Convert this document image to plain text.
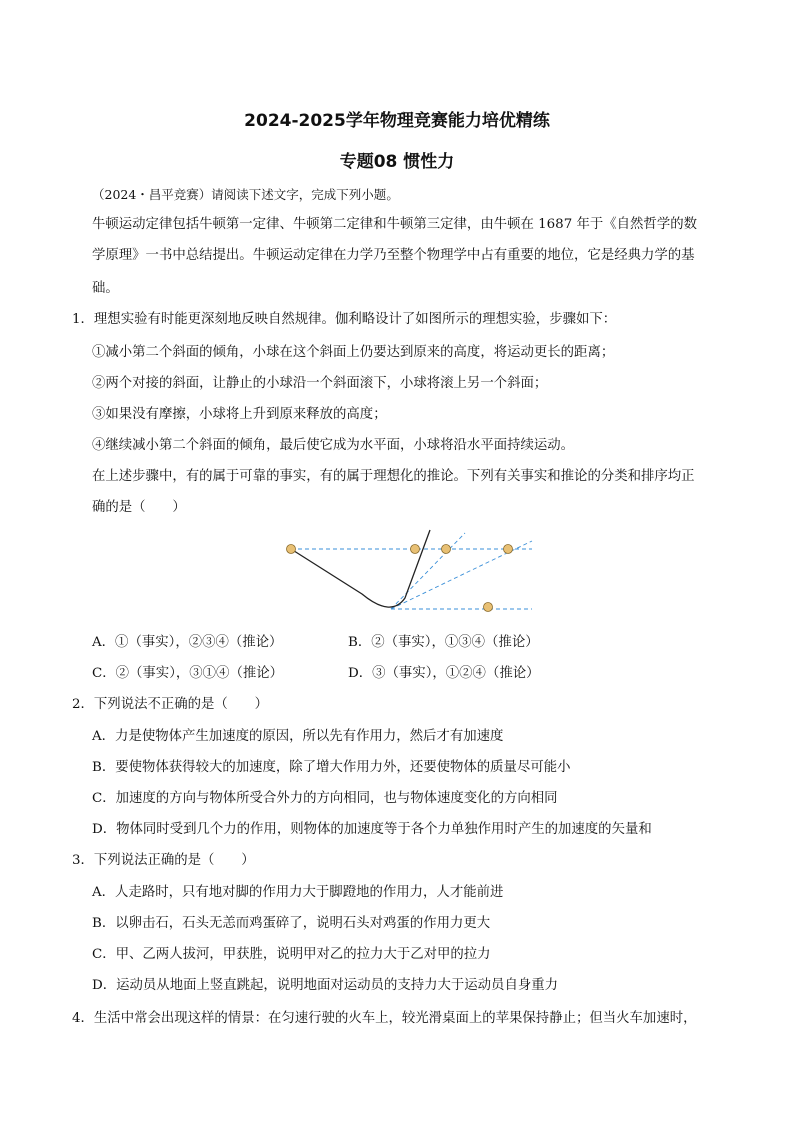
2024-2025学年物理竞赛能力培优精练
专题08 惯性力
（2024・昌平竞赛）请阅读下述文字，完成下列小题。
牛顿运动定律包括牛顿第一定律、牛顿第二定律和牛顿第三定律，由牛顿在 1687 年于《自然哲学的数
学原理》一书中总结提出。牛顿运动定律在力学乃至整个物理学中占有重要的地位，它是经典力学的基
础。
1．理想实验有时能更深刻地反映自然规律。伽利略设计了如图所示的理想实验，步骤如下：
①减小第二个斜面的倾角，小球在这个斜面上仍要达到原来的高度，将运动更长的距离；
②两个对接的斜面，让静止的小球沿一个斜面滚下，小球将滚上另一个斜面；
③如果没有摩擦，小球将上升到原来释放的高度；
④继续减小第二个斜面的倾角，最后使它成为水平面，小球将沿水平面持续运动。
在上述步骤中，有的属于可靠的事实，有的属于理想化的推论。下列有关事实和推论的分类和排序均正
确的是（　　）
A．①（事实），②③④（推论）	B．②（事实），①③④（推论）
C．②（事实），③①④（推论）	D．③（事实），①②④（推论）
2．下列说法不正确的是（　　）
A．力是使物体产生加速度的原因，所以先有作用力，然后才有加速度
B．要使物体获得较大的加速度，除了增大作用力外，还要使物体的质量尽可能小
C．加速度的方向与物体所受合外力的方向相同，也与物体速度变化的方向相同
D．物体同时受到几个力的作用，则物体的加速度等于各个力单独作用时产生的加速度的矢量和
3．下列说法正确的是（　　）
A．人走路时，只有地对脚的作用力大于脚蹬地的作用力，人才能前进
B．以卵击石，石头无恙而鸡蛋碎了，说明石头对鸡蛋的作用力更大
C．甲、乙两人拔河，甲获胜，说明甲对乙的拉力大于乙对甲的拉力
D．运动员从地面上竖直跳起，说明地面对运动员的支持力大于运动员自身重力
4．生活中常会出现这样的情景：在匀速行驶的火车上，较光滑桌面上的苹果保持静止；但当火车加速时，
